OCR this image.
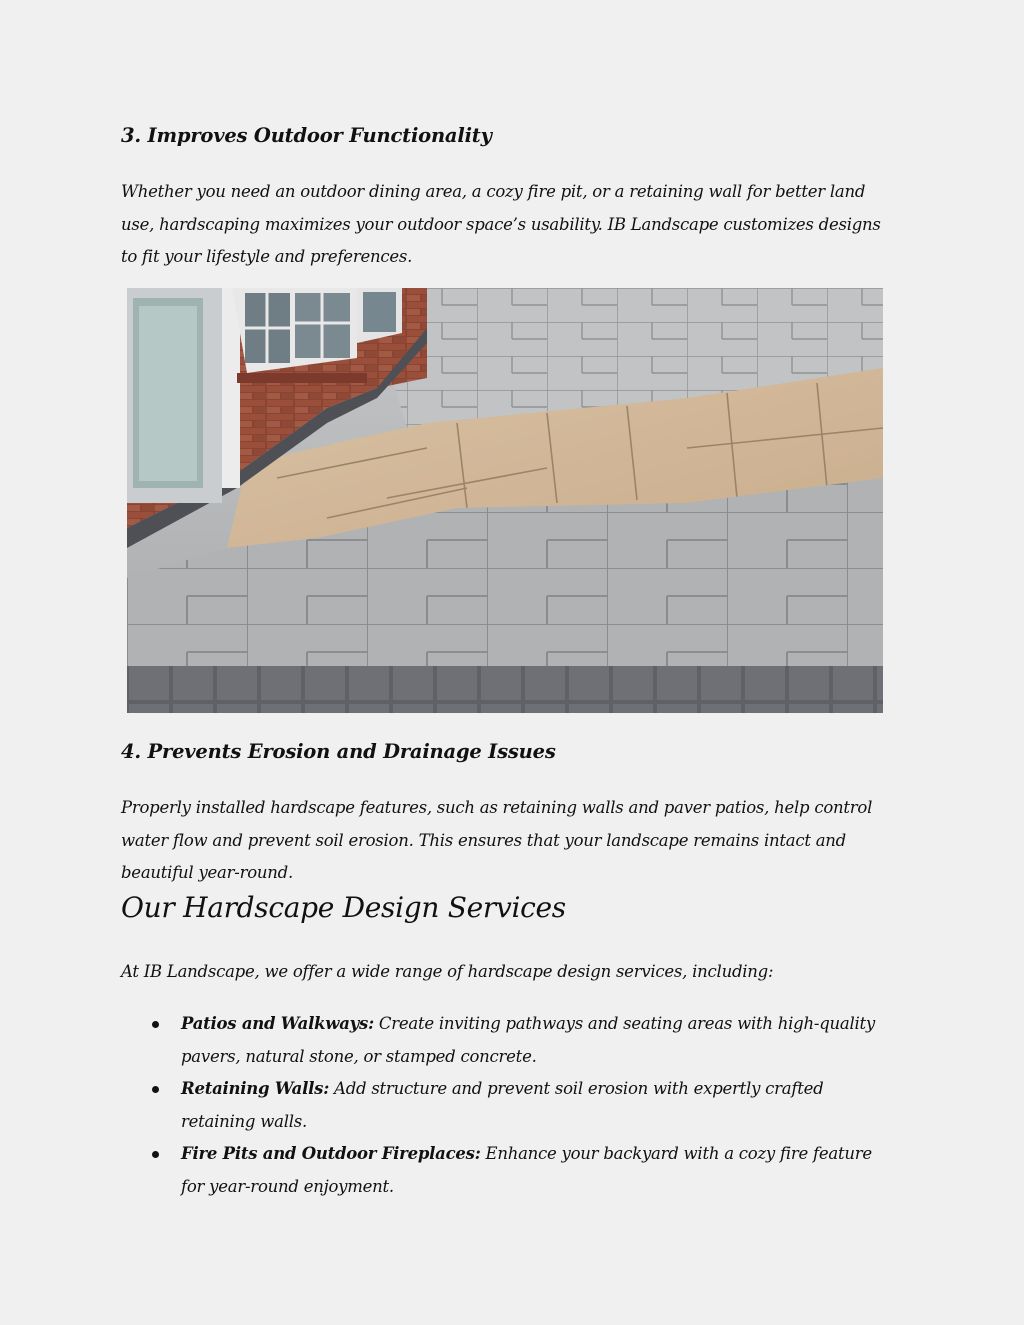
3. Improves Outdoor Functionality

Whether you need an outdoor dining area, a cozy fire pit, or a retaining wall for better land use, hardscaping maximizes your outdoor space’s usability. IB Landscape customizes designs to fit your lifestyle and preferences.

4. Prevents Erosion and Drainage Issues

Properly installed hardscape features, such as retaining walls and paver patios, help control water flow and prevent soil erosion. This ensures that your landscape remains intact and beautiful year-round.

Our Hardscape Design Services

At IB Landscape, we offer a wide range of hardscape design services, including:

Patios and Walkways: Create inviting pathways and seating areas with high-quality pavers, natural stone, or stamped concrete.
Retaining Walls: Add structure and prevent soil erosion with expertly crafted retaining walls.
Fire Pits and Outdoor Fireplaces: Enhance your backyard with a cozy fire feature for year-round enjoyment.
